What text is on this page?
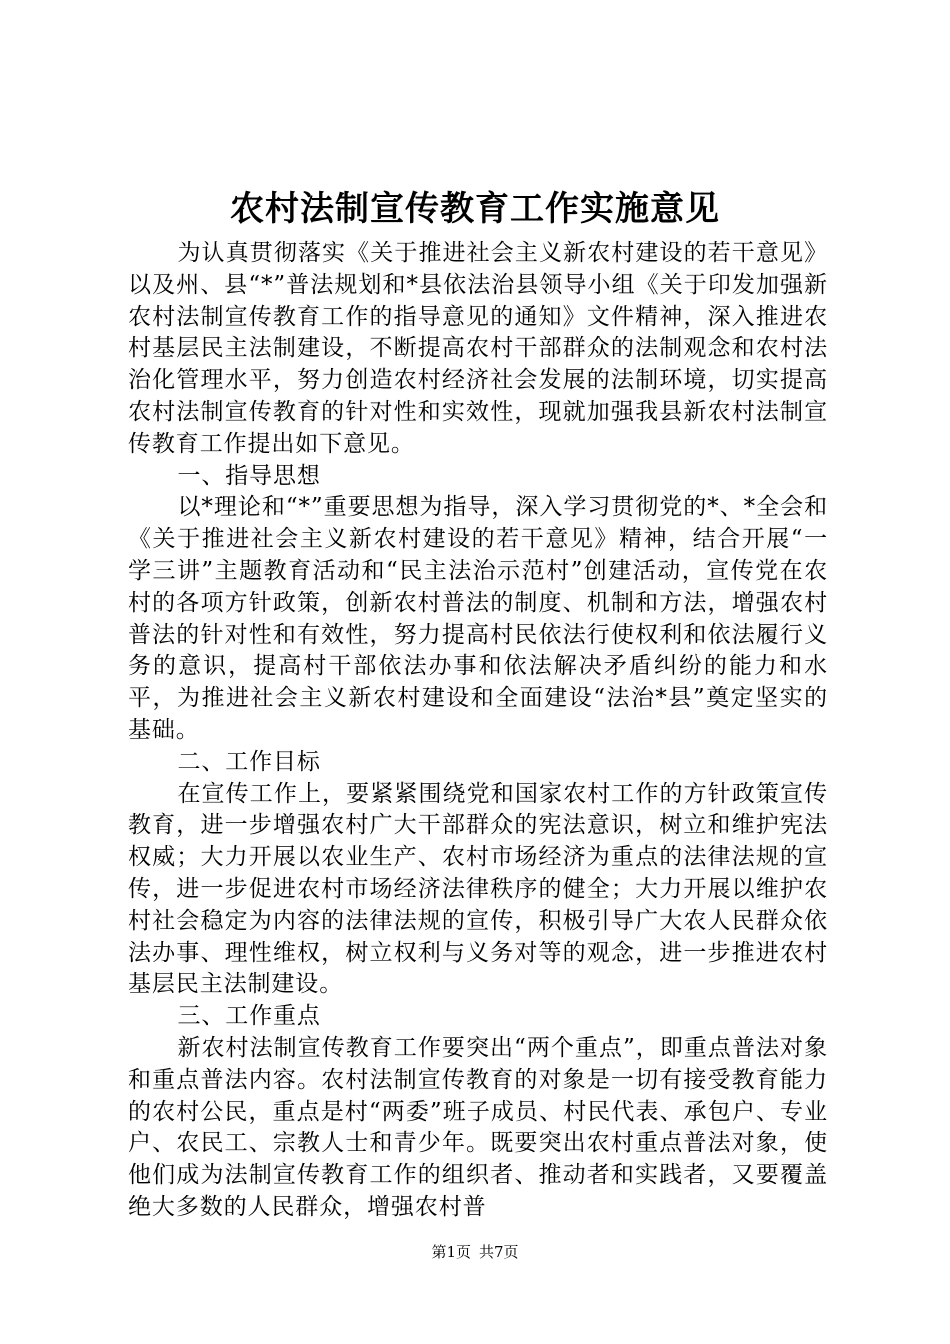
农村法制宣传教育工作实施意见

为认真贯彻落实《关于推进社会主义新农村建设的若干意见》以及州、县“*”普法规划和*县依法治县领导小组《关于印发加强新农村法制宣传教育工作的指导意见的通知》文件精神，深入推进农村基层民主法制建设，不断提高农村干部群众的法制观念和农村法治化管理水平，努力创造农村经济社会发展的法制环境，切实提高农村法制宣传教育的针对性和实效性，现就加强我县新农村法制宣传教育工作提出如下意见。

一、指导思想

以*理论和“*”重要思想为指导，深入学习贯彻党的*、*全会和《关于推进社会主义新农村建设的若干意见》精神，结合开展“一学三讲”主题教育活动和“民主法治示范村”创建活动，宣传党在农村的各项方针政策，创新农村普法的制度、机制和方法，增强农村普法的针对性和有效性，努力提高村民依法行使权利和依法履行义务的意识，提高村干部依法办事和依法解决矛盾纠纷的能力和水平，为推进社会主义新农村建设和全面建设“法治*县”奠定坚实的基础。

二、工作目标

在宣传工作上，要紧紧围绕党和国家农村工作的方针政策宣传教育，进一步增强农村广大干部群众的宪法意识，树立和维护宪法权威；大力开展以农业生产、农村市场经济为重点的法律法规的宣传，进一步促进农村市场经济法律秩序的健全；大力开展以维护农村社会稳定为内容的法律法规的宣传，积极引导广大农人民群众依法办事、理性维权，树立权利与义务对等的观念，进一步推进农村基层民主法制建设。

三、工作重点

新农村法制宣传教育工作要突出“两个重点”，即重点普法对象和重点普法内容。农村法制宣传教育的对象是一切有接受教育能力的农村公民，重点是村“两委”班子成员、村民代表、承包户、专业户、农民工、宗教人士和青少年。既要突出农村重点普法对象，使他们成为法制宣传教育工作的组织者、推动者和实践者，又要覆盖绝大多数的人民群众，增强农村普

第1页 共7页
